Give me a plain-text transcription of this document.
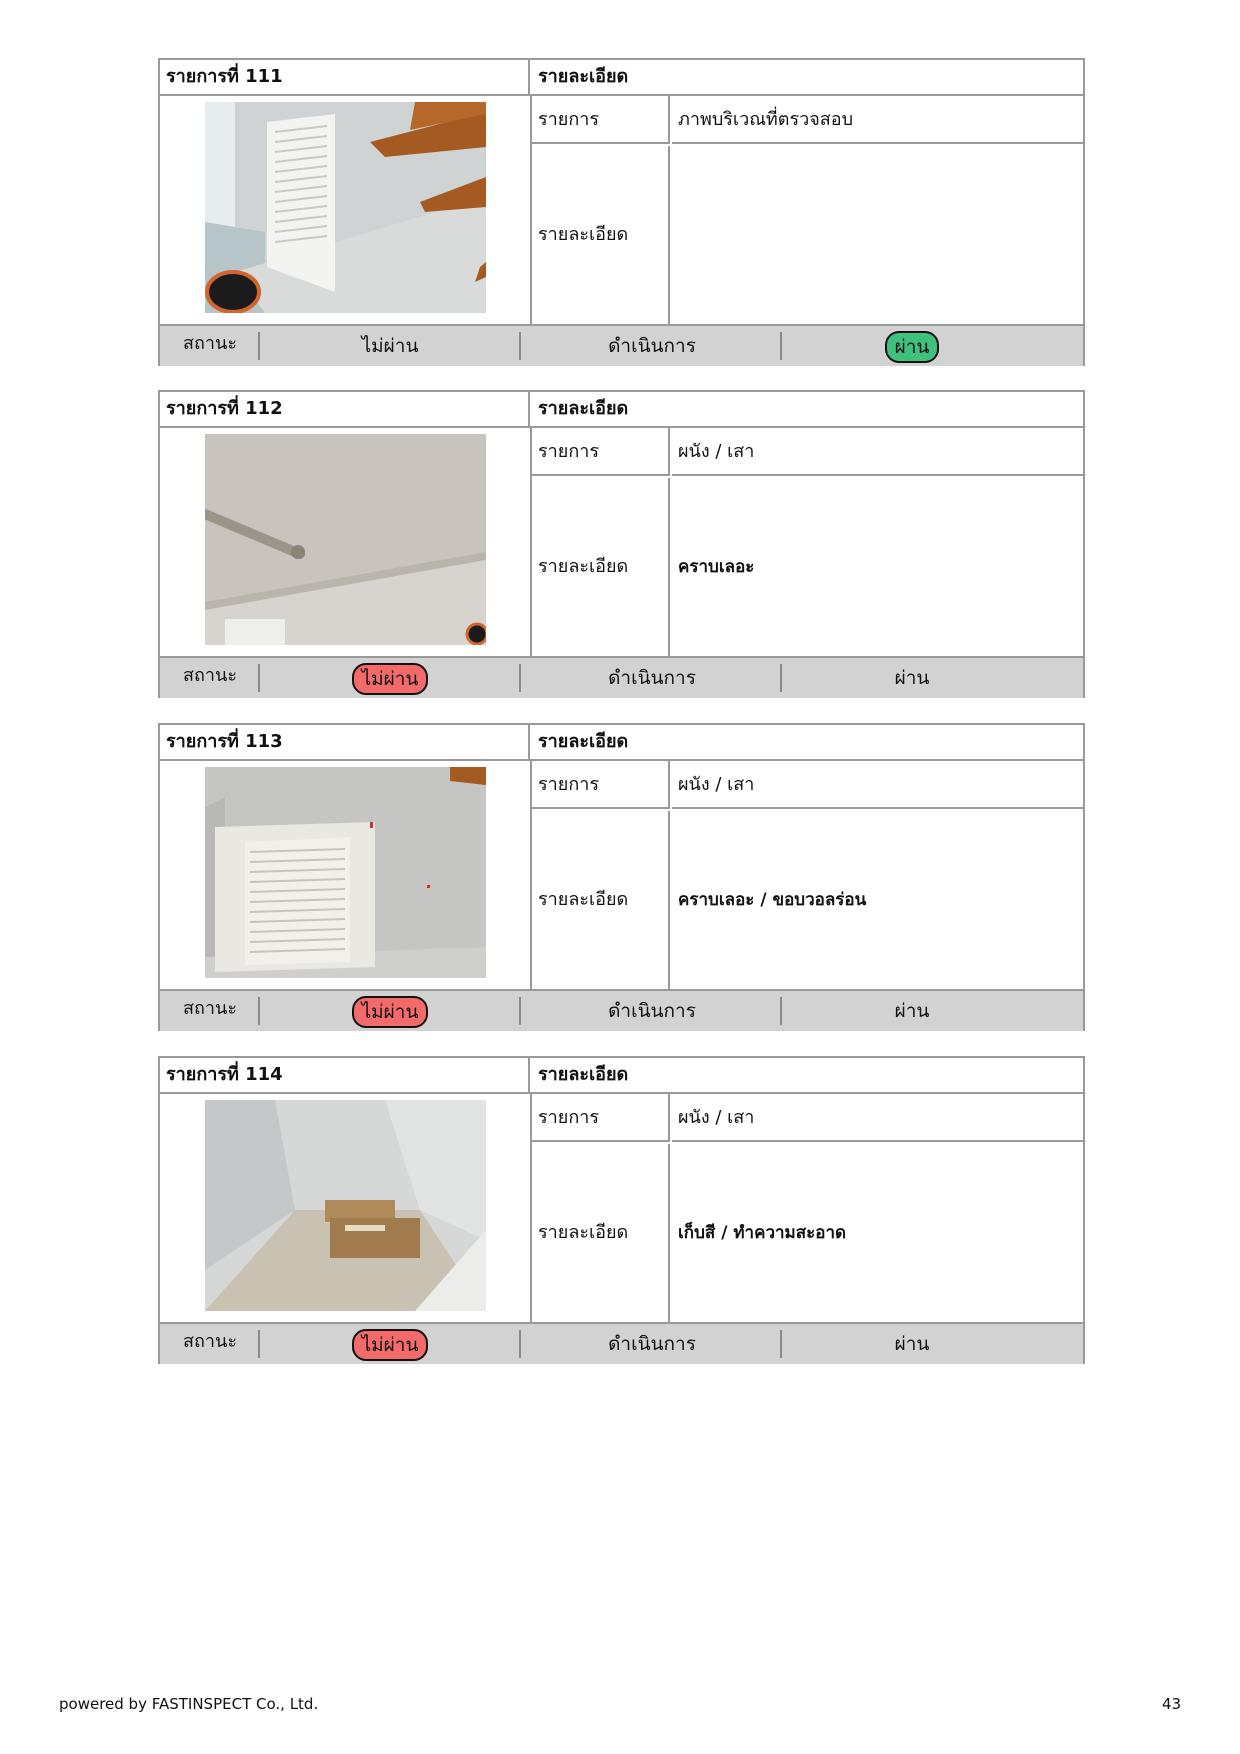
รายการที่ 111	รายละเอียด
รายการ	ภาพบริเวณที่ตรวจสอบ
รายละเอียด
สถานะ	ไม่ผ่าน	ดำเนินการ	ผ่าน
รายการที่ 112	รายละเอียด
รายการ	ผนัง / เสา
รายละเอียด	คราบเลอะ
สถานะ	ไม่ผ่าน	ดำเนินการ	ผ่าน
รายการที่ 113	รายละเอียด
รายการ	ผนัง / เสา
รายละเอียด	คราบเลอะ / ขอบวอลร่อน
สถานะ	ไม่ผ่าน	ดำเนินการ	ผ่าน
รายการที่ 114	รายละเอียด
รายการ	ผนัง / เสา
รายละเอียด	เก็บสี / ทำความสะอาด
สถานะ	ไม่ผ่าน	ดำเนินการ	ผ่าน
powered by FASTINSPECT Co., Ltd.	43
